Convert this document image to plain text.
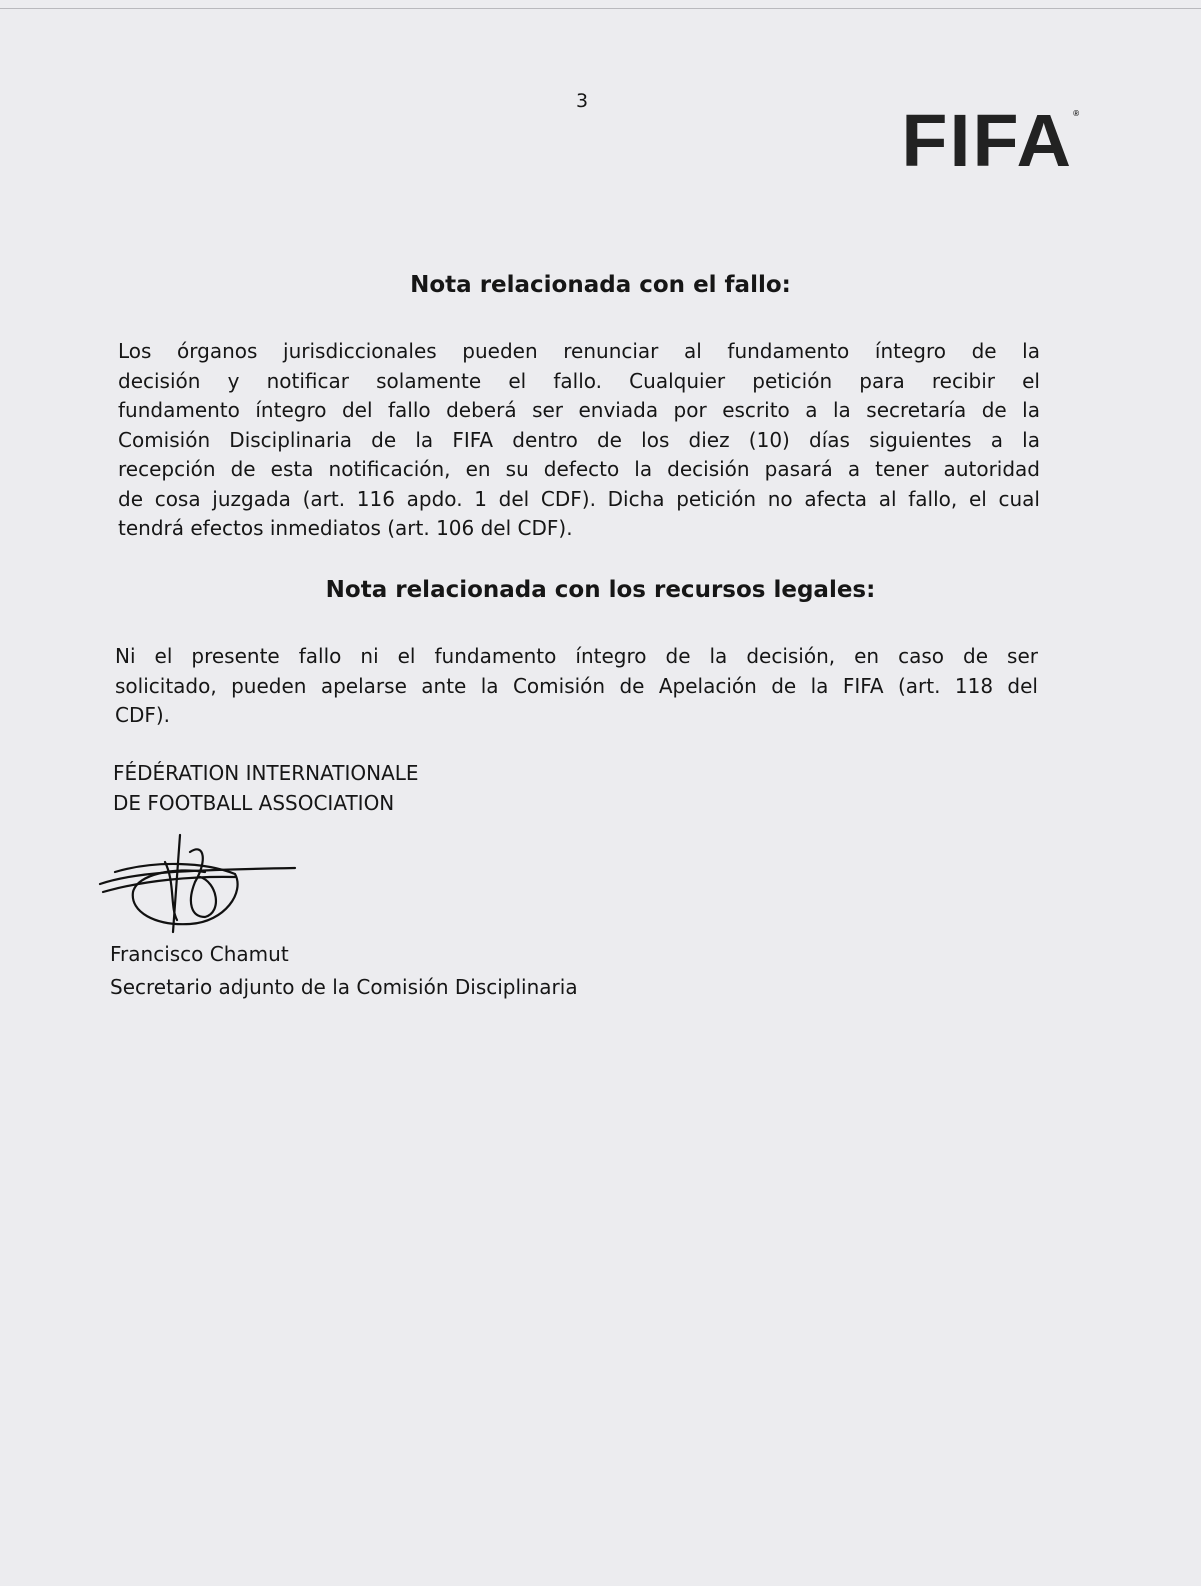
3	FIFA ®
Nota relacionada con el fallo:
Los órganos jurisdiccionales pueden renunciar al fundamento íntegro de la
decisión y notificar solamente el fallo. Cualquier petición para recibir el
fundamento íntegro del fallo deberá ser enviada por escrito a la secretaría de la
Comisión Disciplinaria de la FIFA dentro de los diez (10) días siguientes a la
recepción de esta notificación, en su defecto la decisión pasará a tener autoridad
de cosa juzgada (art. 116 apdo. 1 del CDF). Dicha petición no afecta al fallo, el cual
tendrá efectos inmediatos (art. 106 del CDF).
Nota relacionada con los recursos legales:
Ni el presente fallo ni el fundamento íntegro de la decisión, en caso de ser
solicitado, pueden apelarse ante la Comisión de Apelación de la FIFA (art. 118 del
CDF).
FÉDÉRATION INTERNATIONALE
DE FOOTBALL ASSOCIATION
Francisco Chamut
Secretario adjunto de la Comisión Disciplinaria
